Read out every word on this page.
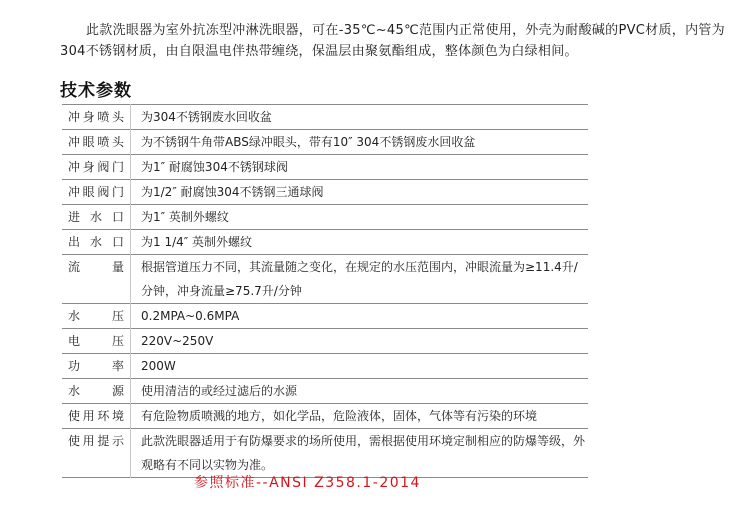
此款洗眼器为室外抗冻型冲淋洗眼器，可在-35℃~45℃范围内正常使用，外壳为耐酸碱的PVC材质，内管为304不锈钢材质，由自限温电伴热带缠绕，保温层由聚氨酯组成，整体颜色为白绿相间。

技术参数
冲身喷头	为304不锈钢废水回收盆
冲眼喷头	为不锈钢牛角带ABS绿冲眼头，带有10″ 304不锈钢废水回收盆
冲身阀门	为1″ 耐腐蚀304不锈钢球阀
冲眼阀门	为1/2″ 耐腐蚀304不锈钢三通球阀
进水口	为1″ 英制外螺纹
出水口	为1 1/4″ 英制外螺纹
流量	根据管道压力不同，其流量随之变化，在规定的水压范围内，冲眼流量为≥11.4升/分钟，冲身流量≥75.7升/分钟
水压	0.2MPA~0.6MPA
电压	220V~250V
功率	200W
水源	使用清洁的或经过滤后的水源
使用环境	有危险物质喷溅的地方，如化学品，危险液体，固体，气体等有污染的环境
使用提示	此款洗眼器适用于有防爆要求的场所使用，需根据使用环境定制相应的防爆等级，外观略有不同以实物为准。

参照标准--ANSI Z358.1-2014
